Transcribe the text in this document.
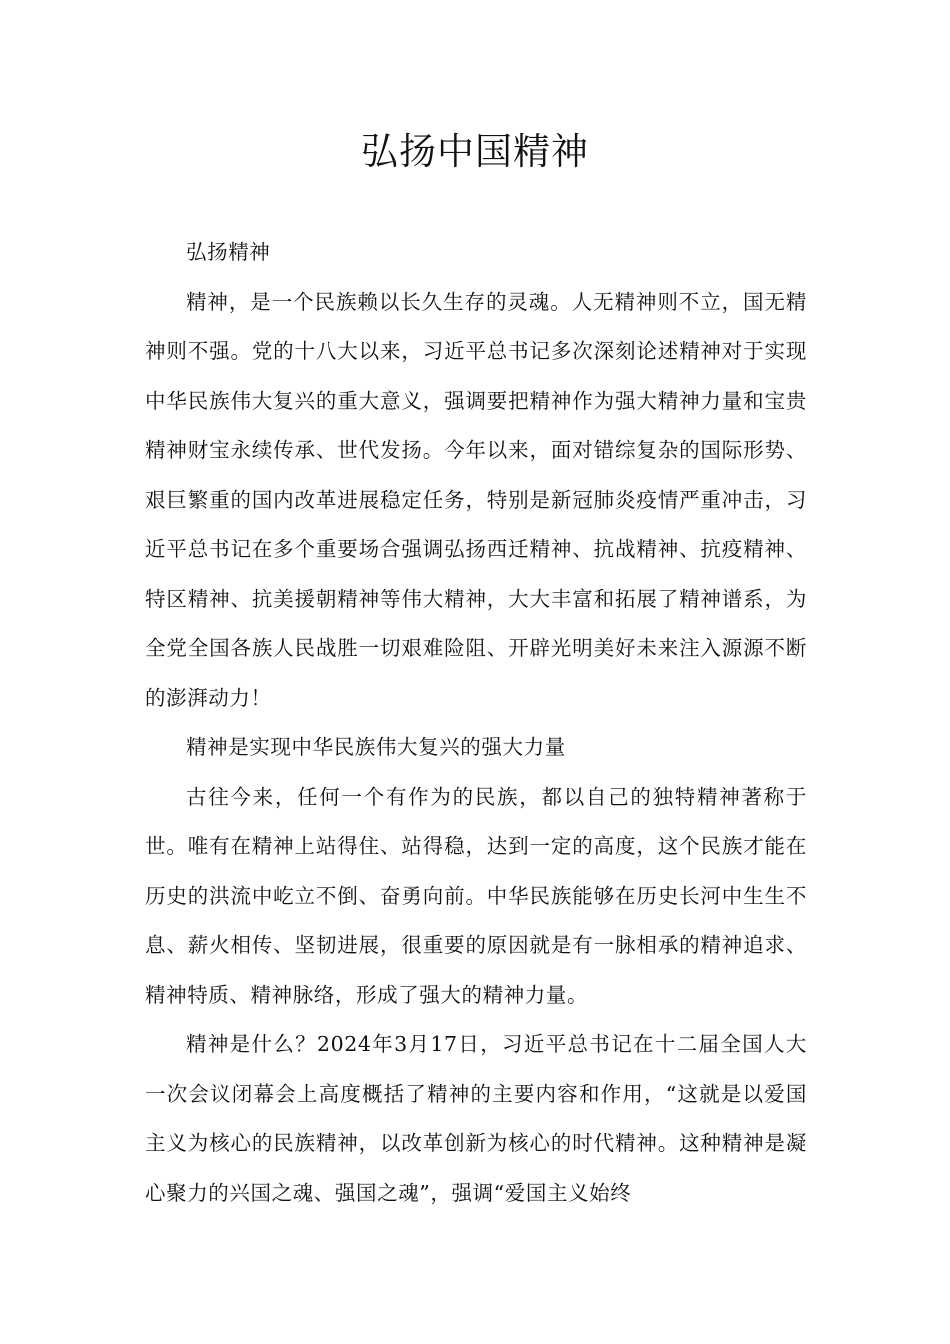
弘扬中国精神

弘扬精神

精神，是一个民族赖以长久生存的灵魂。人无精神则不立，国无精神则不强。党的十八大以来，习近平总书记多次深刻论述精神对于实现中华民族伟大复兴的重大意义，强调要把精神作为强大精神力量和宝贵精神财宝永续传承、世代发扬。今年以来，面对错综复杂的国际形势、艰巨繁重的国内改革进展稳定任务，特别是新冠肺炎疫情严重冲击，习近平总书记在多个重要场合强调弘扬西迁精神、抗战精神、抗疫精神、特区精神、抗美援朝精神等伟大精神，大大丰富和拓展了精神谱系，为全党全国各族人民战胜一切艰难险阻、开辟光明美好未来注入源源不断的澎湃动力！

精神是实现中华民族伟大复兴的强大力量

古往今来，任何一个有作为的民族，都以自己的独特精神著称于世。唯有在精神上站得住、站得稳，达到一定的高度，这个民族才能在历史的洪流中屹立不倒、奋勇向前。中华民族能够在历史长河中生生不息、薪火相传、坚韧进展，很重要的原因就是有一脉相承的精神追求、精神特质、精神脉络，形成了强大的精神力量。

精神是什么？2024年3月17日，习近平总书记在十二届全国人大一次会议闭幕会上高度概括了精神的主要内容和作用，“这就是以爱国主义为核心的民族精神，以改革创新为核心的时代精神。这种精神是凝心聚力的兴国之魂、强国之魂”，强调“爱国主义始终
